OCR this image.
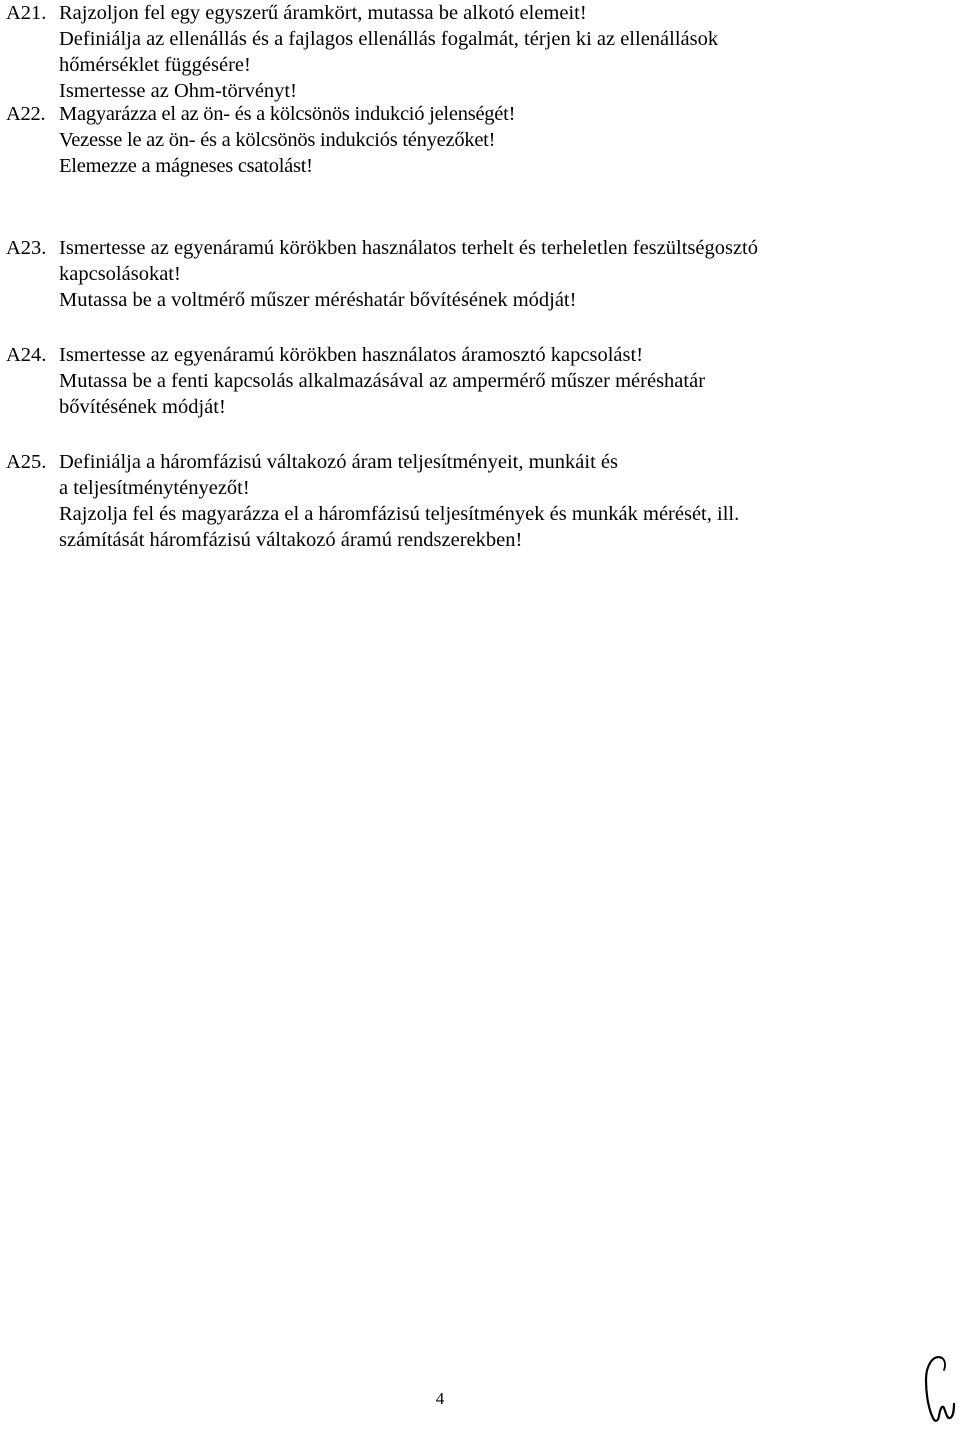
A21. Rajzoljon fel egy egyszerű áramkört, mutassa be alkotó elemeit!
Definiálja az ellenállás és a fajlagos ellenállás fogalmát, térjen ki az ellenállások
hőmérséklet függésére!
Ismertesse az Ohm-törvényt!
A22. Magyarázza el az ön- és a kölcsönös indukció jelenségét!
Vezesse le az ön- és a kölcsönös indukciós tényezőket!
Elemezze a mágneses csatolást!
A23. Ismertesse az egyenáramú körökben használatos terhelt és terheletlen feszültségosztó
kapcsolásokat!
Mutassa be a voltmérő műszer méréshatár bővítésének módját!
A24. Ismertesse az egyenáramú körökben használatos áramosztó kapcsolást!
Mutassa be a fenti kapcsolás alkalmazásával az ampermérő műszer méréshatár
bővítésének módját!
A25. Definiálja a háromfázisú váltakozó áram teljesítményeit, munkáit és
a teljesítménytényezőt!
Rajzolja fel és magyarázza el a háromfázisú teljesítmények és munkák mérését, ill.
számítását háromfázisú váltakozó áramú rendszerekben!
4
